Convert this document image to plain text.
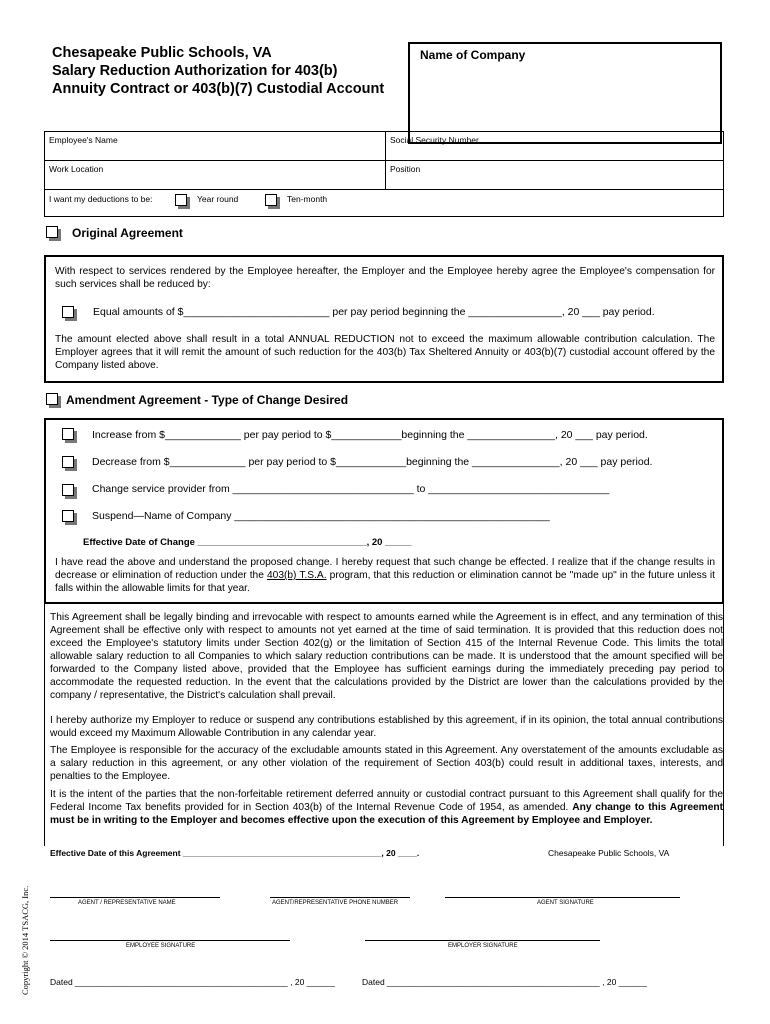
Chesapeake Public Schools, VA
Salary Reduction Authorization for 403(b)
Annuity Contract or 403(b)(7) Custodial Account
Name of Company
Employee's Name	Social Security Number
Work Location	Position
I want my deductions to be:	Year round	Ten-month
Original Agreement
With respect to services rendered by the Employee hereafter, the Employer and the Employee hereby agree the Employee's compensation for such services shall be reduced by:
Equal amounts of $_________________________ per pay period beginning the ________________, 20 ___ pay period.
The amount elected above shall result in a total ANNUAL REDUCTION not to exceed the maximum allowable contribution calculation. The Employer agrees that it will remit the amount of such reduction for the 403(b) Tax Sheltered Annuity or 403(b)(7) custodial account offered by the Company listed above.
Amendment Agreement - Type of Change Desired
Increase from $_____________ per pay period to $____________beginning the _______________, 20 ___ pay period.
Decrease from $_____________ per pay period to $____________beginning the _______________, 20 ___ pay period.
Change service provider from _______________________________ to _______________________________
Suspend—Name of Company ______________________________________________________
Effective Date of Change ________________________________, 20 _____
I have read the above and understand the proposed change. I hereby request that such change be effected. I realize that if the change results in decrease or elimination of reduction under the 403(b) T.S.A. program, that this reduction or elimination cannot be "made up" in the future unless it falls within the allowable limits for that year.
This Agreement shall be legally binding and irrevocable with respect to amounts earned while the Agreement is in effect, and any termination of this Agreement shall be effective only with respect to amounts not yet earned at the time of said termination. It is provided that this reduction does not exceed the Employee's statutory limits under Section 402(g) or the limitation of Section 415 of the Internal Revenue Code. This limits the total allowable salary reduction to all Companies to which salary reduction contributions can be made. It is understood that the amount specified will be forwarded to the Company listed above, provided that the Employee has sufficient earnings during the immediately preceding pay period to accommodate the requested reduction. In the event that the calculations provided by the District are lower than the calculations provided by the company / representative, the District's calculation shall prevail.
I hereby authorize my Employer to reduce or suspend any contributions established by this agreement, if in its opinion, the total annual contributions would exceed my Maximum Allowable Contribution in any calendar year.
The Employee is responsible for the accuracy of the excludable amounts stated in this Agreement. Any overstatement of the amounts excludable as a salary reduction in this agreement, or any other violation of the requirement of Section 403(b) could result in additional taxes, interests, and penalties to the Employee.
It is the intent of the parties that the non-forfeitable retirement deferred annuity or custodial contract pursuant to this Agreement shall qualify for the Federal Income Tax benefits provided for in Section 403(b) of the Internal Revenue Code of 1954, as amended. Any change to this Agreement must be in writing to the Employer and becomes effective upon the execution of this Agreement by Employee and Employer.
Effective Date of this Agreement __________________________________________, 20 ____.	Chesapeake Public Schools, VA
AGENT / REPRESENTATIVE NAME	AGENT/REPRESENTATIVE PHONE NUMBER	AGENT SIGNATURE
EMPLOYEE SIGNATURE	EMPLOYER SIGNATURE
Dated _____________________________________________ , 20 ______	Dated _____________________________________________ , 20 ______
Copyright © 2014 TSACG, Inc.
